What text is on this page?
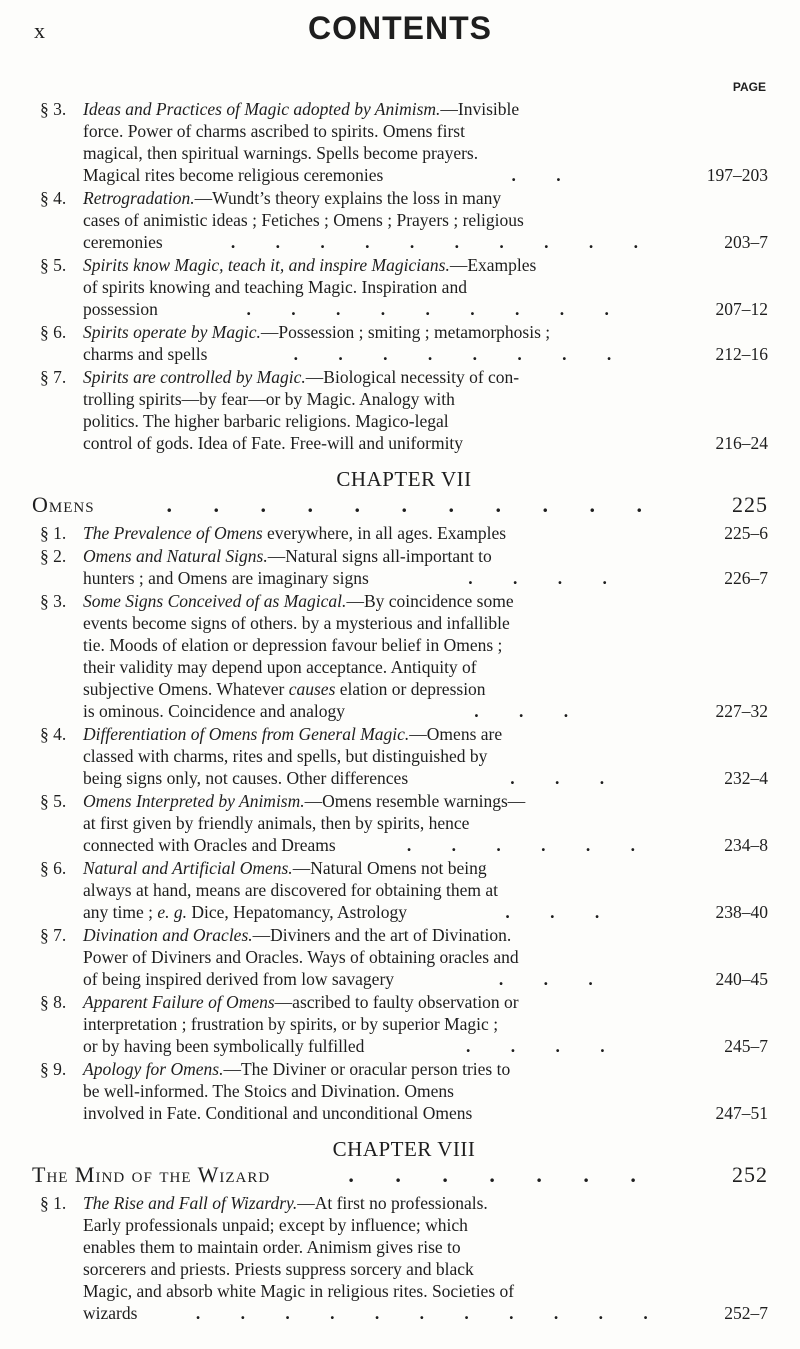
x	CONTENTS
PAGE
§ 3. Ideas and Practices of Magic adopted by Animism.—Invisible
force. Power of charms ascribed to spirits. Omens first
magical, then spiritual warnings. Spells become prayers.
Magical rites become religious ceremonies	. .	197–203
§ 4. Retrogradation.—Wundt’s theory explains the loss in many
cases of animistic ideas ; Fetiches ; Omens ; Prayers ; religious
ceremonies	. . . . . . . . . .	203–7
§ 5. Spirits know Magic, teach it, and inspire Magicians.—Examples
of spirits knowing and teaching Magic. Inspiration and
possession	. . . . . . . . .	207–12
§ 6. Spirits operate by Magic.—Possession ; smiting ; metamorphosis ;
charms and spells	. . . . . . . .	212–16
§ 7. Spirits are controlled by Magic.—Biological necessity of con-
trolling spirits—by fear—or by Magic. Analogy with
politics. The higher barbaric religions. Magico-legal
control of gods. Idea of Fate. Free-will and uniformity	216–24
CHAPTER VII
Omens	. . . . . . . . . . .	225
§ 1. The Prevalence of Omens everywhere, in all ages. Examples	225–6
§ 2. Omens and Natural Signs.—Natural signs all-important to
hunters ; and Omens are imaginary signs	. . . .	226–7
§ 3. Some Signs Conceived of as Magical.—By coincidence some
events become signs of others. by a mysterious and infallible
tie. Moods of elation or depression favour belief in Omens ;
their validity may depend upon acceptance. Antiquity of
subjective Omens. Whatever causes elation or depression
is ominous. Coincidence and analogy	. . .	227–32
§ 4. Differentiation of Omens from General Magic.—Omens are
classed with charms, rites and spells, but distinguished by
being signs only, not causes. Other differences	. . .	232–4
§ 5. Omens Interpreted by Animism.—Omens resemble warnings—
at first given by friendly animals, then by spirits, hence
connected with Oracles and Dreams	. . . . . .	234–8
§ 6. Natural and Artificial Omens.—Natural Omens not being
always at hand, means are discovered for obtaining them at
any time ; e. g. Dice, Hepatomancy, Astrology	. . .	238–40
§ 7. Divination and Oracles.—Diviners and the art of Divination.
Power of Diviners and Oracles. Ways of obtaining oracles and
of being inspired derived from low savagery	. . .	240–45
§ 8. Apparent Failure of Omens—ascribed to faulty observation or
interpretation ; frustration by spirits, or by superior Magic ;
or by having been symbolically fulfilled	. . . .	245–7
§ 9. Apology for Omens.—The Diviner or oracular person tries to
be well-informed. The Stoics and Divination. Omens
involved in Fate. Conditional and unconditional Omens	247–51
CHAPTER VIII
The Mind of the Wizard	. . . . . . .	252
§ 1. The Rise and Fall of Wizardry.—At first no professionals.
Early professionals unpaid; except by influence; which
enables them to maintain order. Animism gives rise to
sorcerers and priests. Priests suppress sorcery and black
Magic, and absorb white Magic in religious rites. Societies of
wizards	. . . . . . . . . . .	252–7
